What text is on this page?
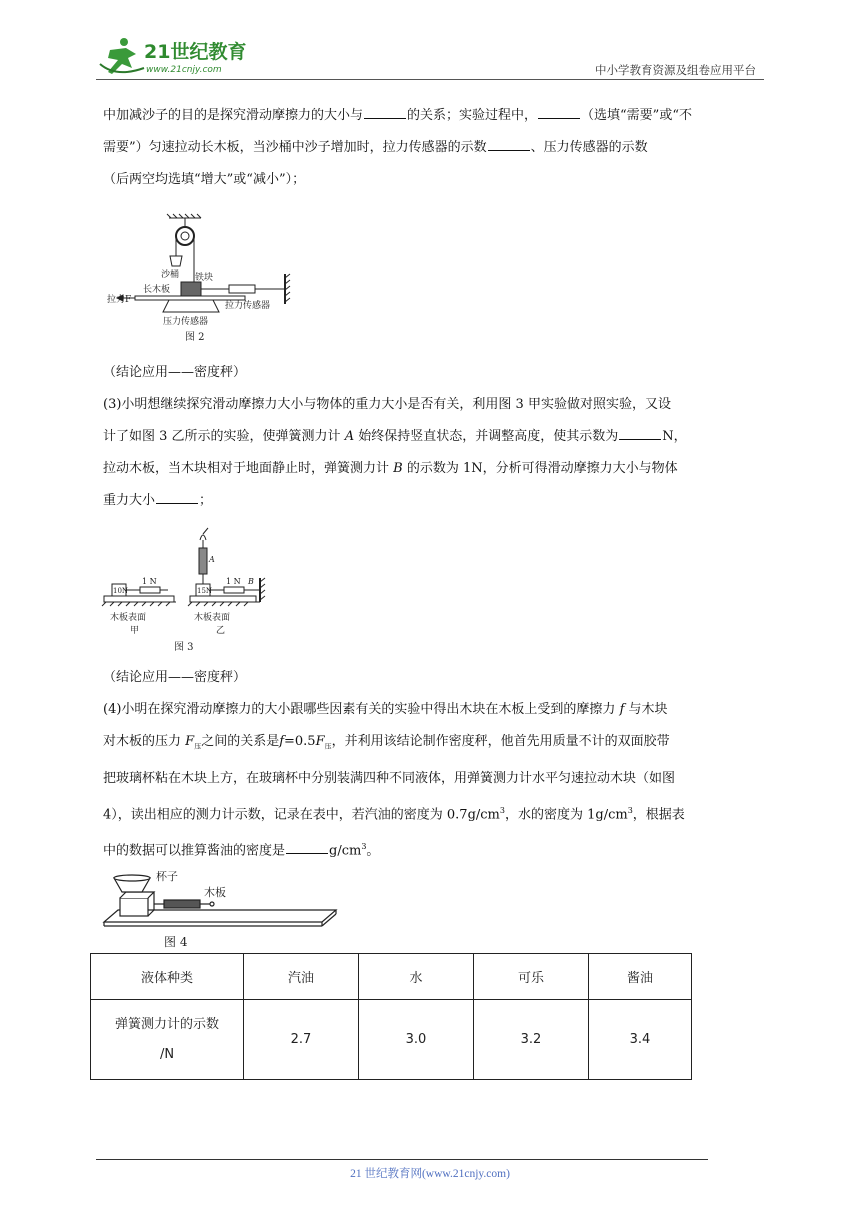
21世纪教育
www.21cnjy.com	中小学教育资源及组卷应用平台
中加减沙子的目的是探究滑动摩擦力的大小与	的关系；实验过程中，	（选填“需要”或“不
需要”）匀速拉动长木板，当沙桶中沙子增加时，拉力传感器的示数	、压力传感器的示数
（后两空均选填“增大”或“减小”）；
沙桶 铁块
长木板
拉力F
拉力传感器
压力传感器
图 2
（结论应用——密度秤）
(3)小明想继续探究滑动摩擦力大小与物体的重力大小是否有关，利用图 3 甲实验做对照实验，又设
计了如图 3 乙所示的实验，使弹簧测力计 A 始终保持竖直状态，并调整高度，使其示数为	N，
拉动木板，当木块相对于地面静止时，弹簧测力计 B 的示数为 1N，分析可得滑动摩擦力大小与物体
重力大小	；
10N
1 N
木板表面
甲
15N
1 N B
A
木板表面
乙
图 3
（结论应用——密度秤）
(4)小明在探究滑动摩擦力的大小跟哪些因素有关的实验中得出木块在木板上受到的摩擦力 f 与木块
对木板的压力 $F_压$之间的关系是$f=0.5F_压$，并利用该结论制作密度秤，他首先用质量不计的双面胶带
把玻璃杯粘在木块上方，在玻璃杯中分别装满四种不同液体，用弹簧测力计水平匀速拉动木块（如图
4），读出相应的测力计示数，记录在表中，若汽油的密度为 $0.7g/cm^3$，水的密度为 $1g/cm^3$，根据表
中的数据可以推算酱油的密度是	$g/cm^3$。
杯子
木板
图 4
液体种类	汽油	水	可乐	酱油
弹簧测力计的示数
/N	2.7	3.0	3.2	3.4
21 世纪教育网(www.21cnjy.com)
